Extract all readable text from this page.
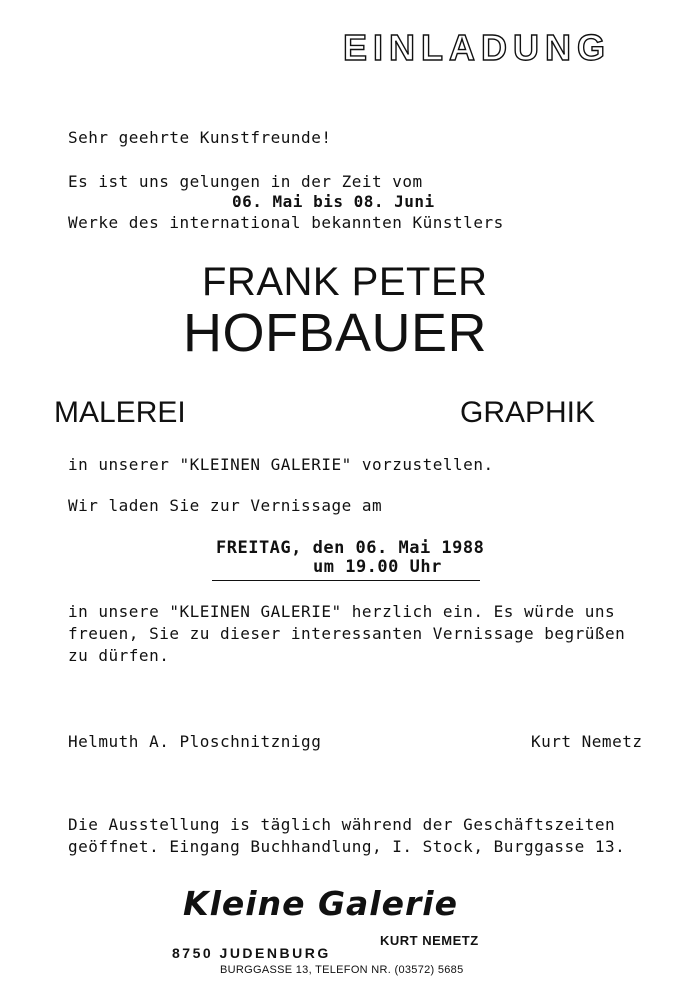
EINLADUNG
Sehr geehrte Kunstfreunde!
Es ist uns gelungen in der Zeit vom
06. Mai bis 08. Juni
Werke des international bekannten Künstlers
FRANK PETER
HOFBAUER
MALEREI	GRAPHIK
in unserer "KLEINEN GALERIE" vorzustellen.
Wir laden Sie zur Vernissage am
FREITAG, den 06. Mai 1988
um 19.00 Uhr
in unsere "KLEINEN GALERIE" herzlich ein. Es würde uns
freuen, Sie zu dieser interessanten Vernissage begrüßen
zu dürfen.
Helmuth A. Ploschnitznigg	Kurt Nemetz
Die Ausstellung is täglich während der Geschäftszeiten
geöffnet. Eingang Buchhandlung, I. Stock, Burggasse 13.
Kleine Galerie
KURT NEMETZ
8750 JUDENBURG
BURGGASSE 13, TELEFON NR. (03572) 5685
